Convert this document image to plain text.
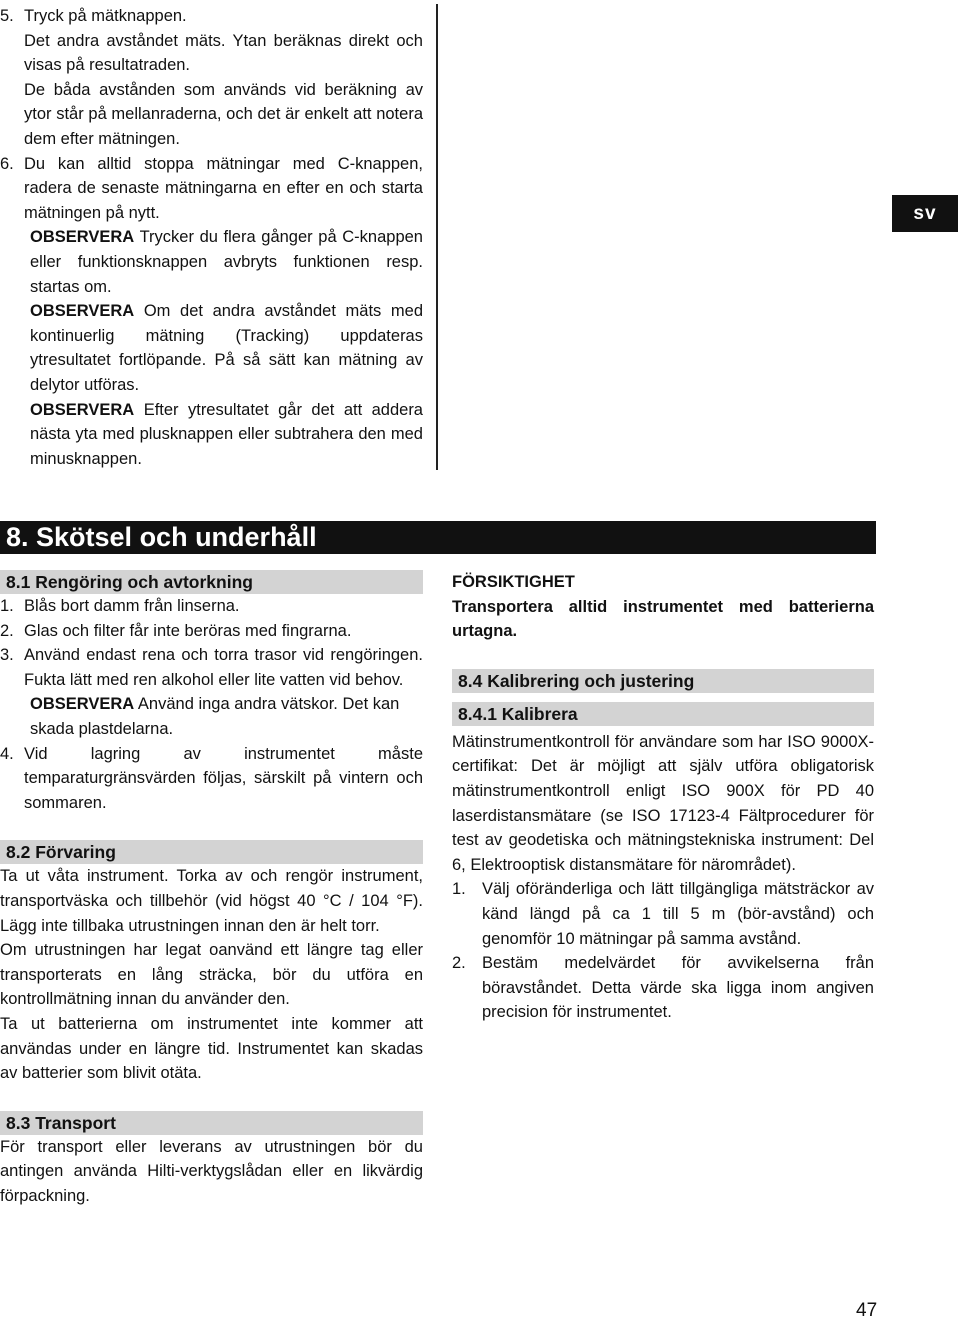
5. Tryck på mätknappen.

Det andra avståndet mäts. Ytan beräknas direkt och visas på resultatraden.

De båda avstånden som används vid beräkning av ytor står på mellanraderna, och det är enkelt att notera dem efter mätningen.

6. Du kan alltid stoppa mätningar med C-knappen, radera de senaste mätningarna en efter en och starta mätningen på nytt.

OBSERVERA Trycker du flera gånger på C-knappen eller funktionsknappen avbryts funktionen resp. startas om.

OBSERVERA Om det andra avståndet mäts med kontinuerlig mätning (Tracking) uppdateras ytresultatet fortlöpande. På så sätt kan mätning av delytor utföras.

OBSERVERA Efter ytresultatet går det att addera nästa yta med plusknappen eller subtrahera den med minusknappen.

sv
8. Skötsel och underhåll
8.1 Rengöring och avtorkning
1. Blås bort damm från linserna.

2. Glas och filter får inte beröras med fingrarna.

3. Använd endast rena och torra trasor vid rengöringen. Fukta lätt med ren alkohol eller lite vatten vid behov.

OBSERVERA Använd inga andra vätskor. Det kan skada plastdelarna.

4. Vid lagring av instrumentet måste temparaturgränsvärden följas, särskilt på vintern och sommaren.

8.2 Förvaring

Ta ut våta instrument. Torka av och rengör instrument, transportväska och tillbehör (vid högst 40 °C / 104 °F). Lägg inte tillbaka utrustningen innan den är helt torr.

Om utrustningen har legat oanvänd ett längre tag eller transporterats en lång sträcka, bör du utföra en kontrollmätning innan du använder den.

Ta ut batterierna om instrumentet inte kommer att användas under en längre tid. Instrumentet kan skadas av batterier som blivit otäta.

8.3 Transport

För transport eller leverans av utrustningen bör du antingen använda Hilti-verktygslådan eller en likvärdig förpackning.

FÖRSIKTIGHET

Transportera alltid instrumentet med batterierna urtagna.

8.4 Kalibrering och justering
8.4.1 Kalibrera

Mätinstrumentkontroll för användare som har ISO 9000X-certifikat: Det är möjligt att själv utföra obligatorisk mätinstrumentkontroll enligt ISO 900X för PD 40 laserdistansmätare (se ISO 17123-4 Fältprocedurer för test av geodetiska och mätningstekniska instrument: Del 6, Elektrooptisk distansmätare för närområdet).

1. Välj oföränderliga och lätt tillgängliga mätsträckor av känd längd på ca 1 till 5 m (bör-avstånd) och genomför 10 mätningar på samma avstånd.

2. Bestäm medelvärdet för avvikelserna från böravståndet. Detta värde ska ligga inom angiven precision för instrumentet.

47
